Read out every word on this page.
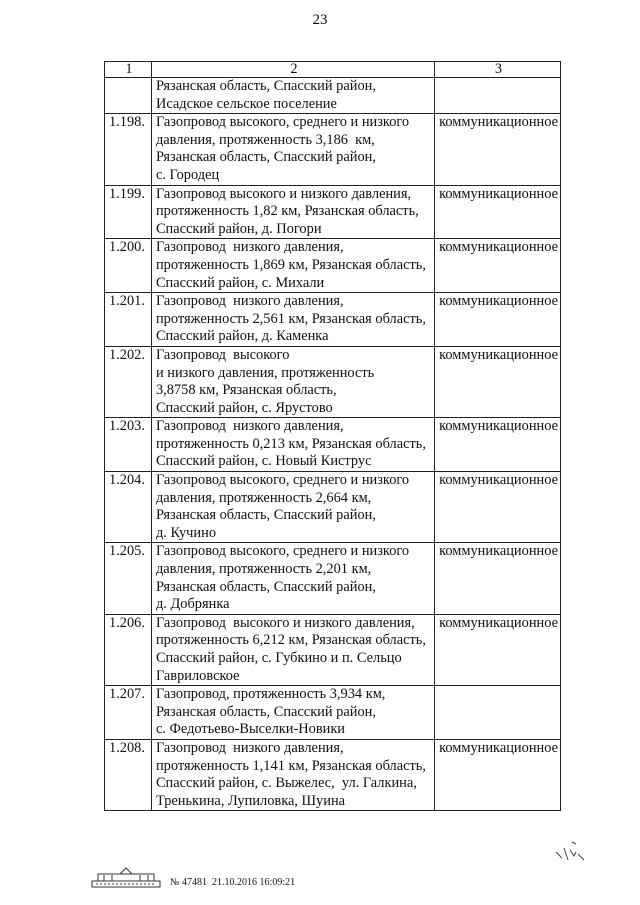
23
1	2	3

	Рязанская область, Спасский район,
Исадское сельское поселение	

1.198.	Газопровод высокого, среднего и низкого
давления, протяженность 3,186  км,
Рязанская область, Спасский район,
с. Городец	коммуникационное
1.199.	Газопровод высокого и низкого давления,
протяженность 1,82 км, Рязанская область,
Спасский район, д. Погори	коммуникационное
1.200.	Газопровод  низкого давления,
протяженность 1,869 км, Рязанская область,
Спасский район, с. Михали	коммуникационное
1.201.	Газопровод  низкого давления,
протяженность 2,561 км, Рязанская область,
Спасский район, д. Каменка	коммуникационное
1.202.	Газопровод  высокого
и низкого давления, протяженность
3,8758 км, Рязанская область,
Спасский район, с. Ярустово	коммуникационное
1.203.	Газопровод  низкого давления,
протяженность 0,213 км, Рязанская область,
Спасский район, с. Новый Киструс	коммуникационное
1.204.	Газопровод высокого, среднего и низкого
давления, протяженность 2,664 км,
Рязанская область, Спасский район,
д. Кучино	коммуникационное
1.205.	Газопровод высокого, среднего и низкого
давления, протяженность 2,201 км,
Рязанская область, Спасский район,
д. Добрянка	коммуникационное
1.206.	Газопровод  высокого и низкого давления,
протяженность 6,212 км, Рязанская область,
Спасский район, с. Губкино и п. Сельцо
Гавриловское	коммуникационное
1.207.	Газопровод, протяженность 3,934 км,
Рязанская область, Спасский район,
с. Федотьево-Выселки-Новики	

1.208.	Газопровод  низкого давления,
протяженность 1,141 км, Рязанская область,
Спасский район, с. Выжелес,  ул. Галкина,
Тренькина, Лупиловка, Шуина	коммуникационное
№ 47481  21.10.2016 16:09:21
